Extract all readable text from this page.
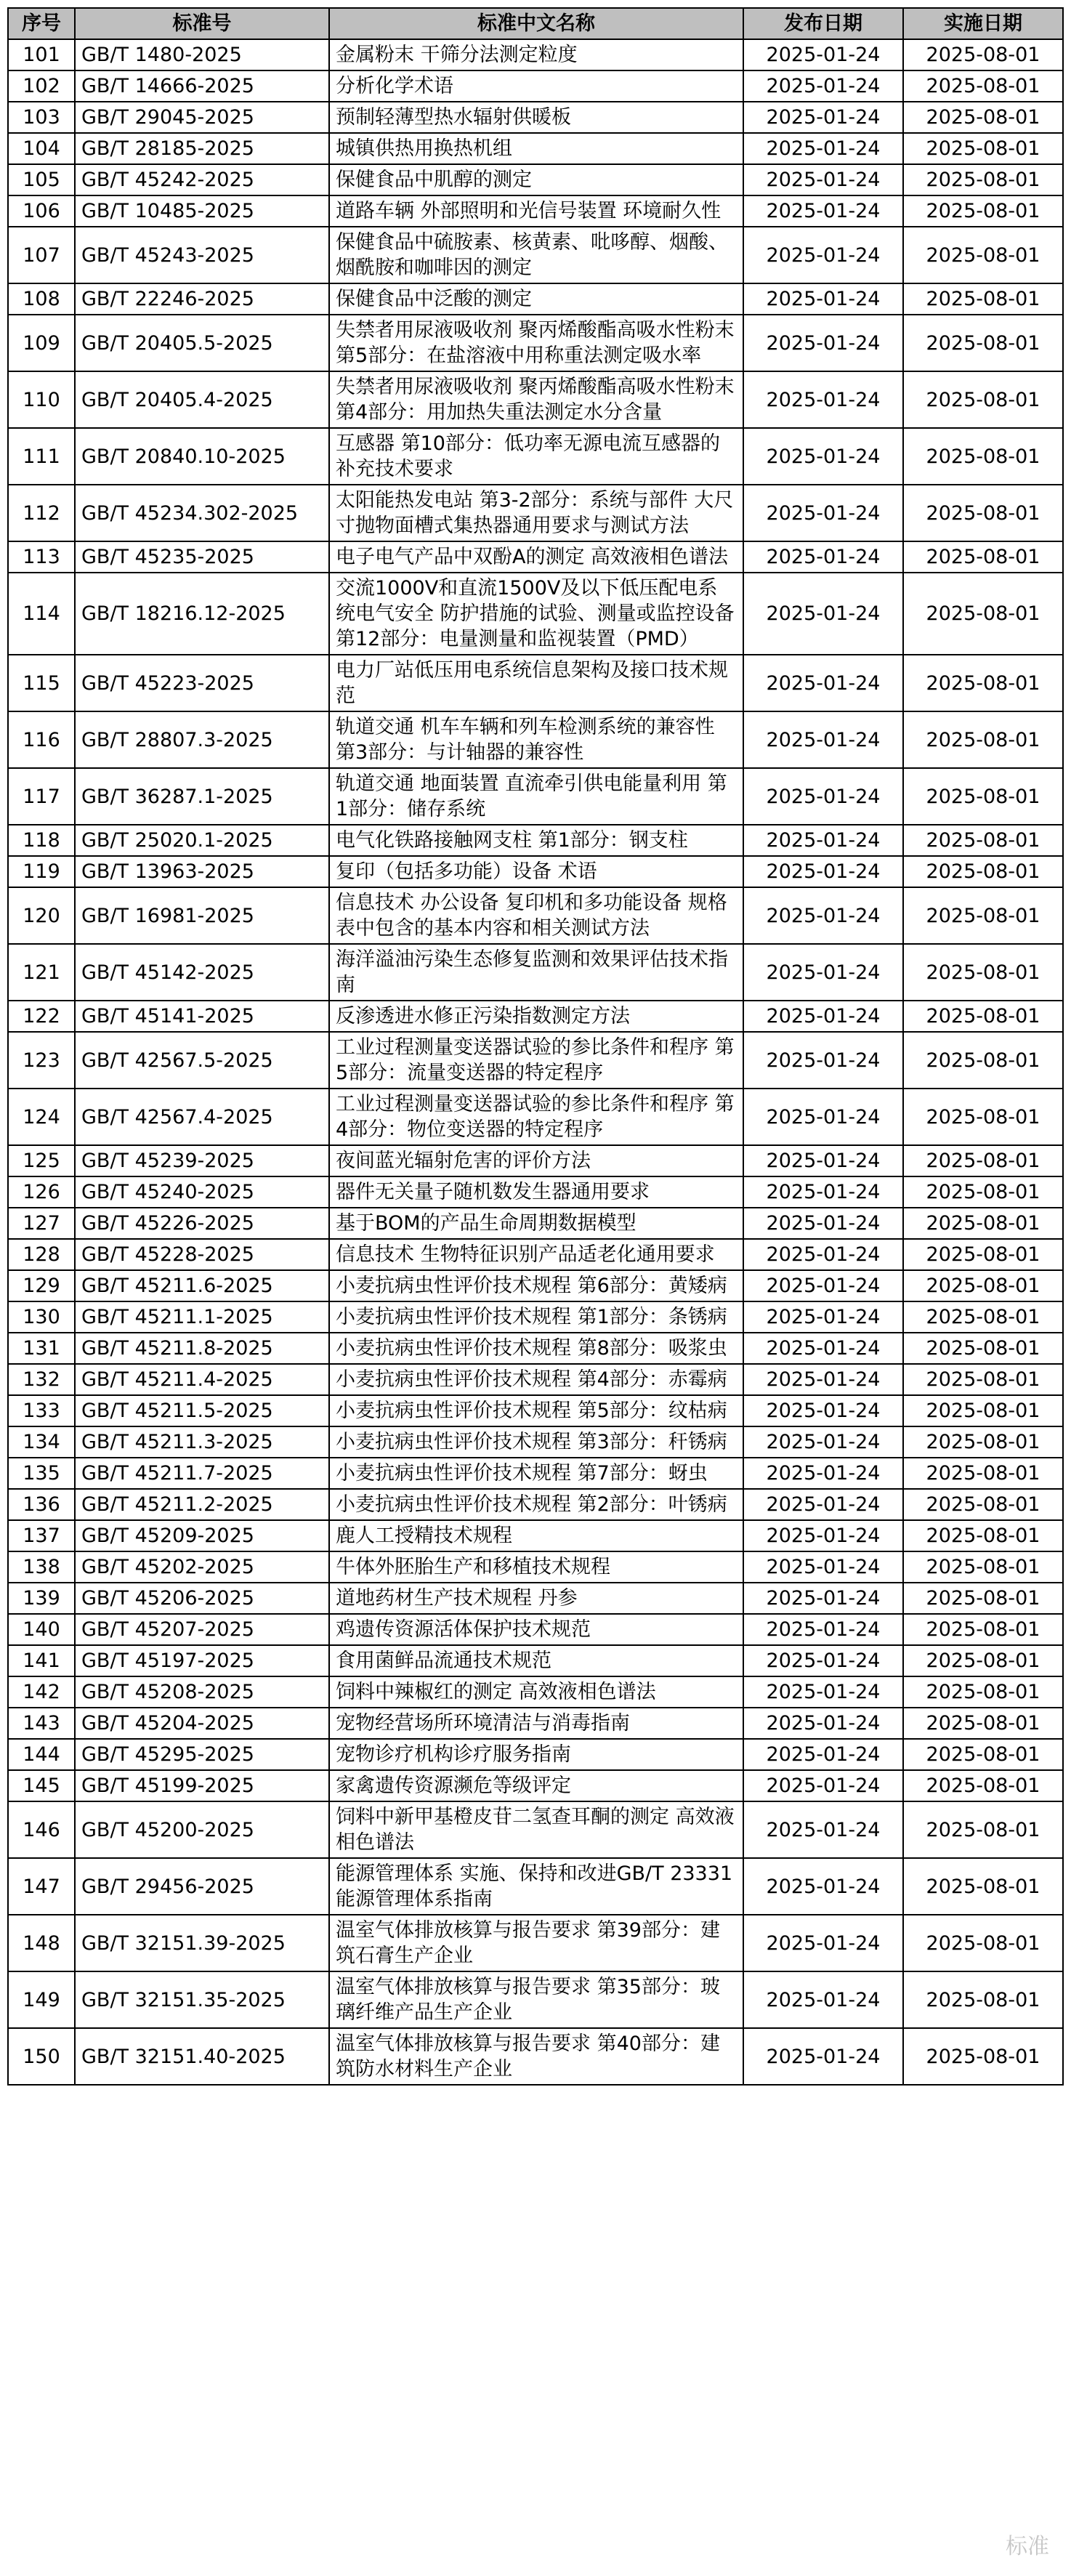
序号	标准号	标准中文名称	发布日期	实施日期
101	GB/T 1480-2025	金属粉末 干筛分法测定粒度	2025-01-24	2025-08-01
102	GB/T 14666-2025	分析化学术语	2025-01-24	2025-08-01
103	GB/T 29045-2025	预制轻薄型热水辐射供暖板	2025-01-24	2025-08-01
104	GB/T 28185-2025	城镇供热用换热机组	2025-01-24	2025-08-01
105	GB/T 45242-2025	保健食品中肌醇的测定	2025-01-24	2025-08-01
106	GB/T 10485-2025	道路车辆 外部照明和光信号装置 环境耐久性	2025-01-24	2025-08-01
107	GB/T 45243-2025	保健食品中硫胺素、核黄素、吡哆醇、烟酸、烟酰胺和咖啡因的测定	2025-01-24	2025-08-01
108	GB/T 22246-2025	保健食品中泛酸的测定	2025-01-24	2025-08-01
109	GB/T 20405.5-2025	失禁者用尿液吸收剂 聚丙烯酸酯高吸水性粉末 第5部分：在盐溶液中用称重法测定吸水率	2025-01-24	2025-08-01
110	GB/T 20405.4-2025	失禁者用尿液吸收剂 聚丙烯酸酯高吸水性粉末 第4部分：用加热失重法测定水分含量	2025-01-24	2025-08-01
111	GB/T 20840.10-2025	互感器 第10部分：低功率无源电流互感器的补充技术要求	2025-01-24	2025-08-01
112	GB/T 45234.302-2025	太阳能热发电站 第3-2部分：系统与部件 大尺寸抛物面槽式集热器通用要求与测试方法	2025-01-24	2025-08-01
113	GB/T 45235-2025	电子电气产品中双酚A的测定 高效液相色谱法	2025-01-24	2025-08-01
114	GB/T 18216.12-2025	交流1000V和直流1500V及以下低压配电系统电气安全 防护措施的试验、测量或监控设备 第12部分：电量测量和监视装置（PMD）	2025-01-24	2025-08-01
115	GB/T 45223-2025	电力厂站低压用电系统信息架构及接口技术规范	2025-01-24	2025-08-01
116	GB/T 28807.3-2025	轨道交通 机车车辆和列车检测系统的兼容性 第3部分：与计轴器的兼容性	2025-01-24	2025-08-01
117	GB/T 36287.1-2025	轨道交通 地面装置 直流牵引供电能量利用 第1部分：储存系统	2025-01-24	2025-08-01
118	GB/T 25020.1-2025	电气化铁路接触网支柱 第1部分：钢支柱	2025-01-24	2025-08-01
119	GB/T 13963-2025	复印（包括多功能）设备 术语	2025-01-24	2025-08-01
120	GB/T 16981-2025	信息技术 办公设备 复印机和多功能设备 规格表中包含的基本内容和相关测试方法	2025-01-24	2025-08-01
121	GB/T 45142-2025	海洋溢油污染生态修复监测和效果评估技术指南	2025-01-24	2025-08-01
122	GB/T 45141-2025	反渗透进水修正污染指数测定方法	2025-01-24	2025-08-01
123	GB/T 42567.5-2025	工业过程测量变送器试验的参比条件和程序 第5部分：流量变送器的特定程序	2025-01-24	2025-08-01
124	GB/T 42567.4-2025	工业过程测量变送器试验的参比条件和程序 第4部分：物位变送器的特定程序	2025-01-24	2025-08-01
125	GB/T 45239-2025	夜间蓝光辐射危害的评价方法	2025-01-24	2025-08-01
126	GB/T 45240-2025	器件无关量子随机数发生器通用要求	2025-01-24	2025-08-01
127	GB/T 45226-2025	基于BOM的产品生命周期数据模型	2025-01-24	2025-08-01
128	GB/T 45228-2025	信息技术 生物特征识别产品适老化通用要求	2025-01-24	2025-08-01
129	GB/T 45211.6-2025	小麦抗病虫性评价技术规程 第6部分：黄矮病	2025-01-24	2025-08-01
130	GB/T 45211.1-2025	小麦抗病虫性评价技术规程 第1部分：条锈病	2025-01-24	2025-08-01
131	GB/T 45211.8-2025	小麦抗病虫性评价技术规程 第8部分：吸浆虫	2025-01-24	2025-08-01
132	GB/T 45211.4-2025	小麦抗病虫性评价技术规程 第4部分：赤霉病	2025-01-24	2025-08-01
133	GB/T 45211.5-2025	小麦抗病虫性评价技术规程 第5部分：纹枯病	2025-01-24	2025-08-01
134	GB/T 45211.3-2025	小麦抗病虫性评价技术规程 第3部分：秆锈病	2025-01-24	2025-08-01
135	GB/T 45211.7-2025	小麦抗病虫性评价技术规程 第7部分：蚜虫	2025-01-24	2025-08-01
136	GB/T 45211.2-2025	小麦抗病虫性评价技术规程 第2部分：叶锈病	2025-01-24	2025-08-01
137	GB/T 45209-2025	鹿人工授精技术规程	2025-01-24	2025-08-01
138	GB/T 45202-2025	牛体外胚胎生产和移植技术规程	2025-01-24	2025-08-01
139	GB/T 45206-2025	道地药材生产技术规程 丹参	2025-01-24	2025-08-01
140	GB/T 45207-2025	鸡遗传资源活体保护技术规范	2025-01-24	2025-08-01
141	GB/T 45197-2025	食用菌鲜品流通技术规范	2025-01-24	2025-08-01
142	GB/T 45208-2025	饲料中辣椒红的测定 高效液相色谱法	2025-01-24	2025-08-01
143	GB/T 45204-2025	宠物经营场所环境清洁与消毒指南	2025-01-24	2025-08-01
144	GB/T 45295-2025	宠物诊疗机构诊疗服务指南	2025-01-24	2025-08-01
145	GB/T 45199-2025	家禽遗传资源濒危等级评定	2025-01-24	2025-08-01
146	GB/T 45200-2025	饲料中新甲基橙皮苷二氢查耳酮的测定 高效液相色谱法	2025-01-24	2025-08-01
147	GB/T 29456-2025	能源管理体系 实施、保持和改进GB/T 23331能源管理体系指南	2025-01-24	2025-08-01
148	GB/T 32151.39-2025	温室气体排放核算与报告要求 第39部分：建筑石膏生产企业	2025-01-24	2025-08-01
149	GB/T 32151.35-2025	温室气体排放核算与报告要求 第35部分：玻璃纤维产品生产企业	2025-01-24	2025-08-01
150	GB/T 32151.40-2025	温室气体排放核算与报告要求 第40部分：建筑防水材料生产企业	2025-01-24	2025-08-01
标准
